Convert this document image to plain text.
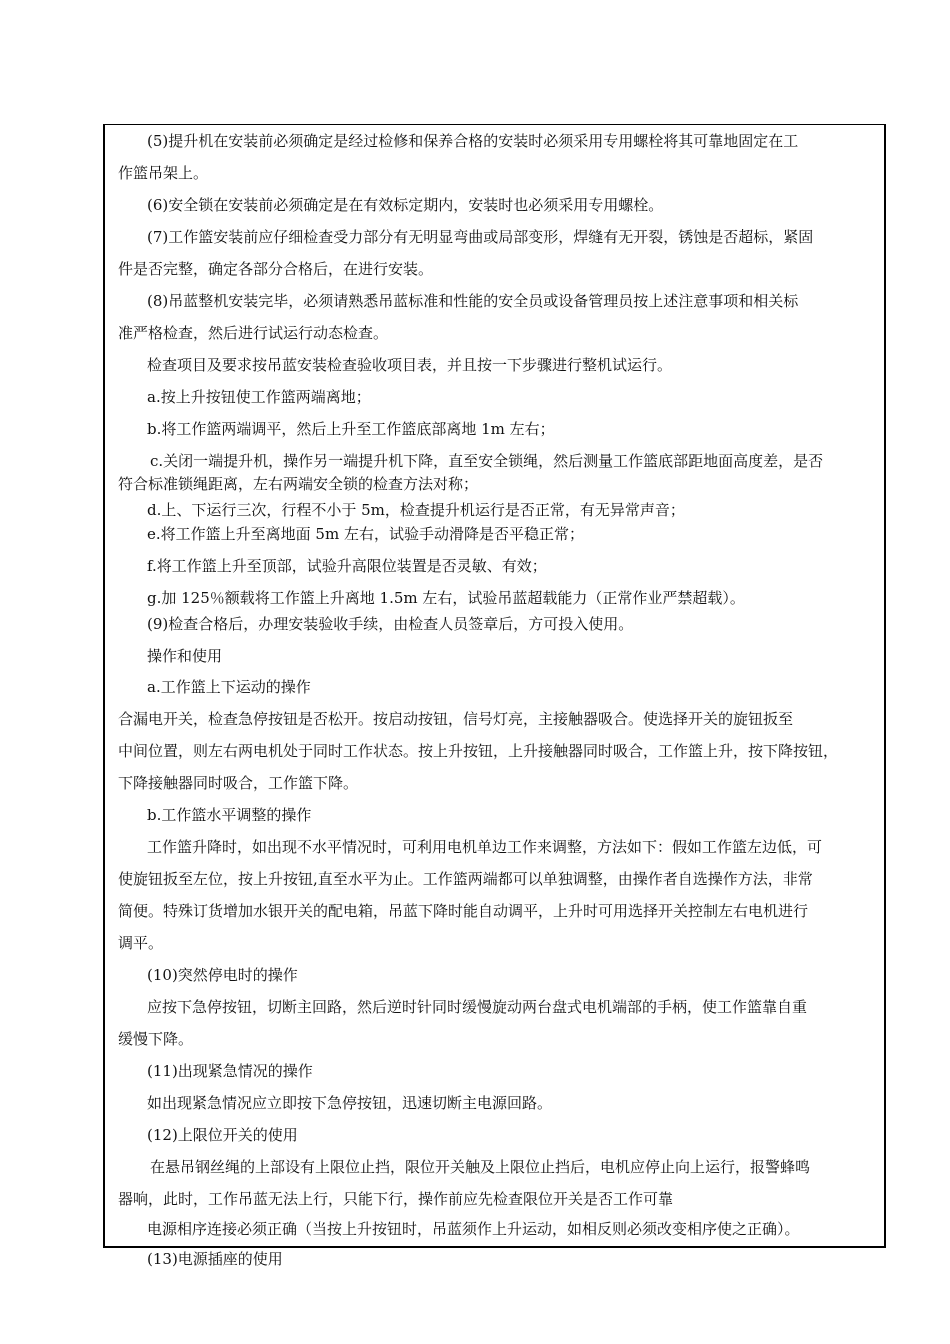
(5)提升机在安装前必须确定是经过检修和保养合格的安装时必须采用专用螺栓将其可靠地固定在工
作篮吊架上。
(6)安全锁在安装前必须确定是在有效标定期内，安装时也必须采用专用螺栓。
(7)工作篮安装前应仔细检查受力部分有无明显弯曲或局部变形，焊缝有无开裂，锈蚀是否超标，紧固
件是否完整，确定各部分合格后，在进行安装。
(8)吊蓝整机安装完毕，必须请熟悉吊蓝标准和性能的安全员或设备管理员按上述注意事项和相关标
准严格检查，然后进行试运行动态检查。
检查项目及要求按吊蓝安装检查验收项目表，并且按一下步骤进行整机试运行。
a.按上升按钮使工作篮两端离地；
b.将工作篮两端调平，然后上升至工作篮底部离地 1m 左右；
c.关闭一端提升机，操作另一端提升机下降，直至安全锁绳，然后测量工作篮底部距地面高度差，是否
符合标准锁绳距离，左右两端安全锁的检查方法对称；
d.上、下运行三次，行程不小于 5m，检查提升机运行是否正常，有无异常声音；
e.将工作篮上升至离地面 5m 左右，试验手动滑降是否平稳正常；
f.将工作篮上升至顶部，试验升高限位装置是否灵敏、有效；
g.加 125％额载将工作篮上升离地 1.5m 左右，试验吊蓝超载能力（正常作业严禁超载）。
(9)检查合格后，办理安装验收手续，由检查人员签章后，方可投入使用。
操作和使用
a.工作篮上下运动的操作
合漏电开关，检查急停按钮是否松开。按启动按钮，信号灯亮，主接触器吸合。使选择开关的旋钮扳至
中间位置，则左右两电机处于同时工作状态。按上升按钮，上升接触器同时吸合，工作篮上升，按下降按钮，
下降接触器同时吸合，工作篮下降。
b.工作篮水平调整的操作
工作篮升降时，如出现不水平情况时，可利用电机单边工作来调整，方法如下：假如工作篮左边低，可
使旋钮扳至左位，按上升按钮,直至水平为止。工作篮两端都可以单独调整，由操作者自选操作方法，非常
简便。特殊订货增加水银开关的配电箱，吊蓝下降时能自动调平，上升时可用选择开关控制左右电机进行
调平。
(10)突然停电时的操作
应按下急停按钮，切断主回路，然后逆时针同时缓慢旋动两台盘式电机端部的手柄，使工作篮靠自重
缓慢下降。
(11)出现紧急情况的操作
如出现紧急情况应立即按下急停按钮，迅速切断主电源回路。
(12)上限位开关的使用
在悬吊钢丝绳的上部设有上限位止挡，限位开关触及上限位止挡后，电机应停止向上运行，报警蜂鸣
器响，此时，工作吊蓝无法上行，只能下行，操作前应先检查限位开关是否工作可靠
电源相序连接必须正确（当按上升按钮时，吊蓝须作上升运动，如相反则必须改变相序使之正确）。
(13)电源插座的使用
